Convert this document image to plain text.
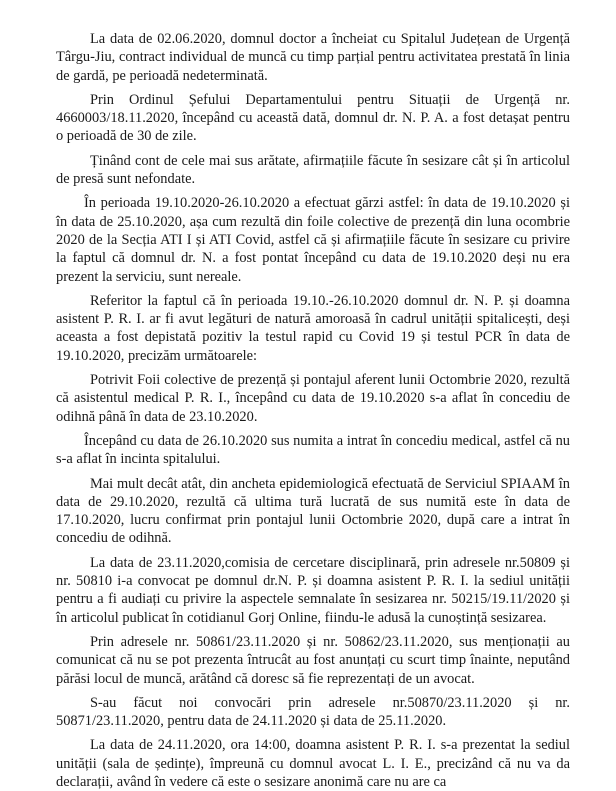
La data de 02.06.2020, domnul doctor a încheiat cu Spitalul Județean de Urgență Târgu-Jiu, contract individual de muncă cu timp parțial pentru activitatea prestată în linia de gardă, pe perioadă nedeterminată.

Prin Ordinul Șefului Departamentului pentru Situații de Urgență nr. 4660003/18.11.2020, începând cu această dată, domnul dr. N. P. A. a fost detașat pentru o perioadă de 30 de zile.

Ținând cont de cele mai sus arătate, afirmațiile făcute în sesizare cât și în articolul de presă sunt nefondate.

În perioada 19.10.2020-26.10.2020 a efectuat gărzi astfel: în data de 19.10.2020 și în data de 25.10.2020, așa cum rezultă din foile colective de prezență din luna ocombrie 2020 de la Secția ATI I și ATI Covid, astfel că și afirmațiile făcute în sesizare cu privire la faptul că domnul dr. N. a fost pontat începând cu data de 19.10.2020 deși nu era prezent la serviciu, sunt nereale.

Referitor la faptul că în perioada 19.10.-26.10.2020 domnul dr. N. P. și doamna asistent P. R. I. ar fi avut legături de natură amoroasă în cadrul unității spitalicești, deși aceasta a fost depistată pozitiv la testul rapid cu Covid 19 și testul PCR în data de 19.10.2020, precizăm următoarele:

Potrivit Foii colective de prezență și pontajul aferent lunii Octombrie 2020, rezultă că asistentul medical P. R. I., începând cu data de 19.10.2020 s-a aflat în concediu de odihnă până în data de 23.10.2020.

Începând cu data de 26.10.2020 sus numita a intrat în concediu medical, astfel că nu s-a aflat în incinta spitalului.

Mai mult decât atât, din ancheta epidemiologică efectuată de Serviciul SPIAAM în data de 29.10.2020, rezultă că ultima tură lucrată de sus numită este în data de 17.10.2020, lucru confirmat prin pontajul lunii Octombrie 2020, după care a intrat în concediu de odihnă.

La data de 23.11.2020,comisia de cercetare disciplinară, prin adresele nr.50809 și nr. 50810 i-a convocat pe domnul dr.N. P. și doamna asistent P. R. I. la sediul unității pentru a fi audiați cu privire la aspectele semnalate în sesizarea nr. 50215/19.11/2020 și în articolul publicat în cotidianul Gorj Online, fiindu-le adusă la cunoștință sesizarea.

Prin adresele nr. 50861/23.11.2020 și nr. 50862/23.11.2020, sus menționații au comunicat că nu se pot prezenta întrucât au fost anunțați cu scurt timp înainte, neputând părăsi locul de muncă, arătând că doresc să fie reprezentați de un avocat.

S-au făcut noi convocări prin adresele nr.50870/23.11.2020 și nr. 50871/23.11.2020, pentru data de 24.11.2020 și data de 25.11.2020.

La data de 24.11.2020, ora 14:00, doamna asistent P. R. I. s-a prezentat la sediul unității (sala de ședințe), împreună cu domnul avocat L. I. E., precizând că nu va da declarații, având în vedere că este o sesizare anonimă care nu are ca
